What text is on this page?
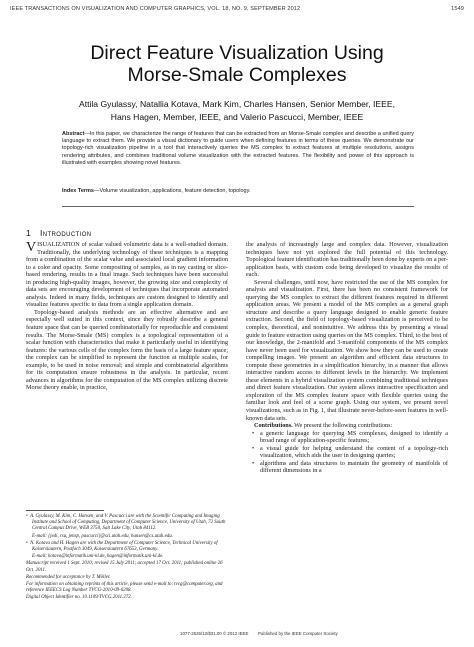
IEEE TRANSACTIONS ON VISUALIZATION AND COMPUTER GRAPHICS, VOL. 18, NO. 9, SEPTEMBER 2012	1549
Direct Feature Visualization Using
Morse-Smale Complexes
Attila Gyulassy, Natallia Kotava, Mark Kim, Charles Hansen, Senior Member, IEEE,
Hans Hagen, Member, IEEE, and Valerio Pascucci, Member, IEEE
Abstract—In this paper, we characterize the range of features that can be extracted from an Morse-Smale complex and describe a unified query language to extract them. We provide a visual dictionary to guide users when defining features in terms of these queries. We demonstrate our topology-rich visualization pipeline in a tool that interactively queries the MS complex to extract features at multiple resolutions, assigns rendering attributes, and combines traditional volume visualization with the extracted features. The flexibility and power of this approach is illustrated with examples showing novel features.
Index Terms—Volume visualization, applications, feature detection, topology.
1 Introduction

VISUALIZATION of scalar valued volumetric data is a well-studied domain. Traditionally, the underlying technology of these techniques is a mapping from a combination of the scalar value and associated local gradient information to a color and opacity. Some compositing of samples, as in ray casting or slice-based rendering, results in a final image. Such techniques have been successful in producing high-quality images, however, the growing size and complexity of data sets are encouraging development of techniques that incorporate automated analysis. Indeed in many fields, techniques are custom designed to identify and visualize features specific to data from a single application domain.

Topology-based analysis methods are an effective alternative and are especially well suited in this context, since they robustly describe a general feature space that can be queried combinatorially for reproducible and consistent results. The Morse-Smale (MS) complex is a topological representation of a scalar function with characteristics that make it particularly useful in identifying features: the various cells of the complex form the basis of a large feature space; the complex can be simplified to represent the function at multiple scales, for example, to be used in noise removal; and simple and combinatorial algorithms for its computation ensure robustness in the analysis. In particular, recent advances in algorithms for the computation of the MS complex utilizing discrete Morse theory enable, in practice,

•  A. Gyulassy, M. Kim, C. Hansen, and V. Pascucci are with the Scientific Computing and Imaging Institute and School of Computing, Department of Computer Science, University of Utah, 72 South Central Campus Drive, WEB 3750, Salt Lake City, Utah 84112.

E-mail: {jedi, rsu, jensp, pascucci}@sci.utah.edu, hansen@cs.utah.edu.

•  N. Kotava and H. Hagen are with the Department of Computer Science, Technical University of Kaiserslautern, Postfach 3049, Kaiserslautern 67653, Germany.

E-mail: kotava@informatik.uni-kl.de, hagen@informatik.uni-kl.de.

Manuscript received 1 Sept. 2010; revised 15 July 2011; accepted 17 Oct. 2011; published online 26 Oct. 2011.

Recommended for acceptance by T. Möller.

For information on obtaining reprints of this article, please send e-mail to: tvcg@computer.org, and reference IEEECS Log Number TVCG-2010-09-0208.

Digital Object Identifier no. 10.1109/TVCG.2011.272.

the analysis of increasingly large and complex data. However, visualization techniques have not yet explored the full potential of this technology. Topological feature identification has traditionally been done by experts on a per-application basis, with custom code being developed to visualize the results of each.

Several challenges, until now, have restricted the use of the MS complex for analysis and visualization. First, there has been no consistent framework for querying the MS complex to extract the different features required in different application areas. We present a model of the MS complex as a general graph structure and describe a query language designed to enable generic feature extraction. Second, the field of topology-based visualization is perceived to be complex, theoretical, and nonintuitive. We address this by presenting a visual guide to feature extraction using queries on the MS complex. Third, to the best of our knowledge, the 2-manifold and 3-manifold components of the MS complex have never been used for visualization. We show how they can be used to create compelling images. We present an algorithm and efficient data structures to compute these geometries in a simplification hierarchy, in a manner that allows interactive random access to different levels in the hierarchy. We implement these elements in a hybrid visualization system combining traditional techniques and direct feature visualization. Our system allows interactive specification and exploration of the MS complex feature space with flexible queries using the familiar look and feel of a scene graph. Using our system, we present novel visualizations, such as in Fig. 1, that illustrate never-before-seen features in well-known data sets.

Contributions. We present the following contributions:

• a generic language for querying MS complexes, designed to identify a broad range of application-specific features;
• a visual guide for helping understand the content of a topology-rich visualization, which aids the user in designing queries;
• algorithms and data structures to maintain the geometry of manifolds of different dimensions in a
1077-2626/12/$31.00 © 2012 IEEE Published by the IEEE Computer Society
